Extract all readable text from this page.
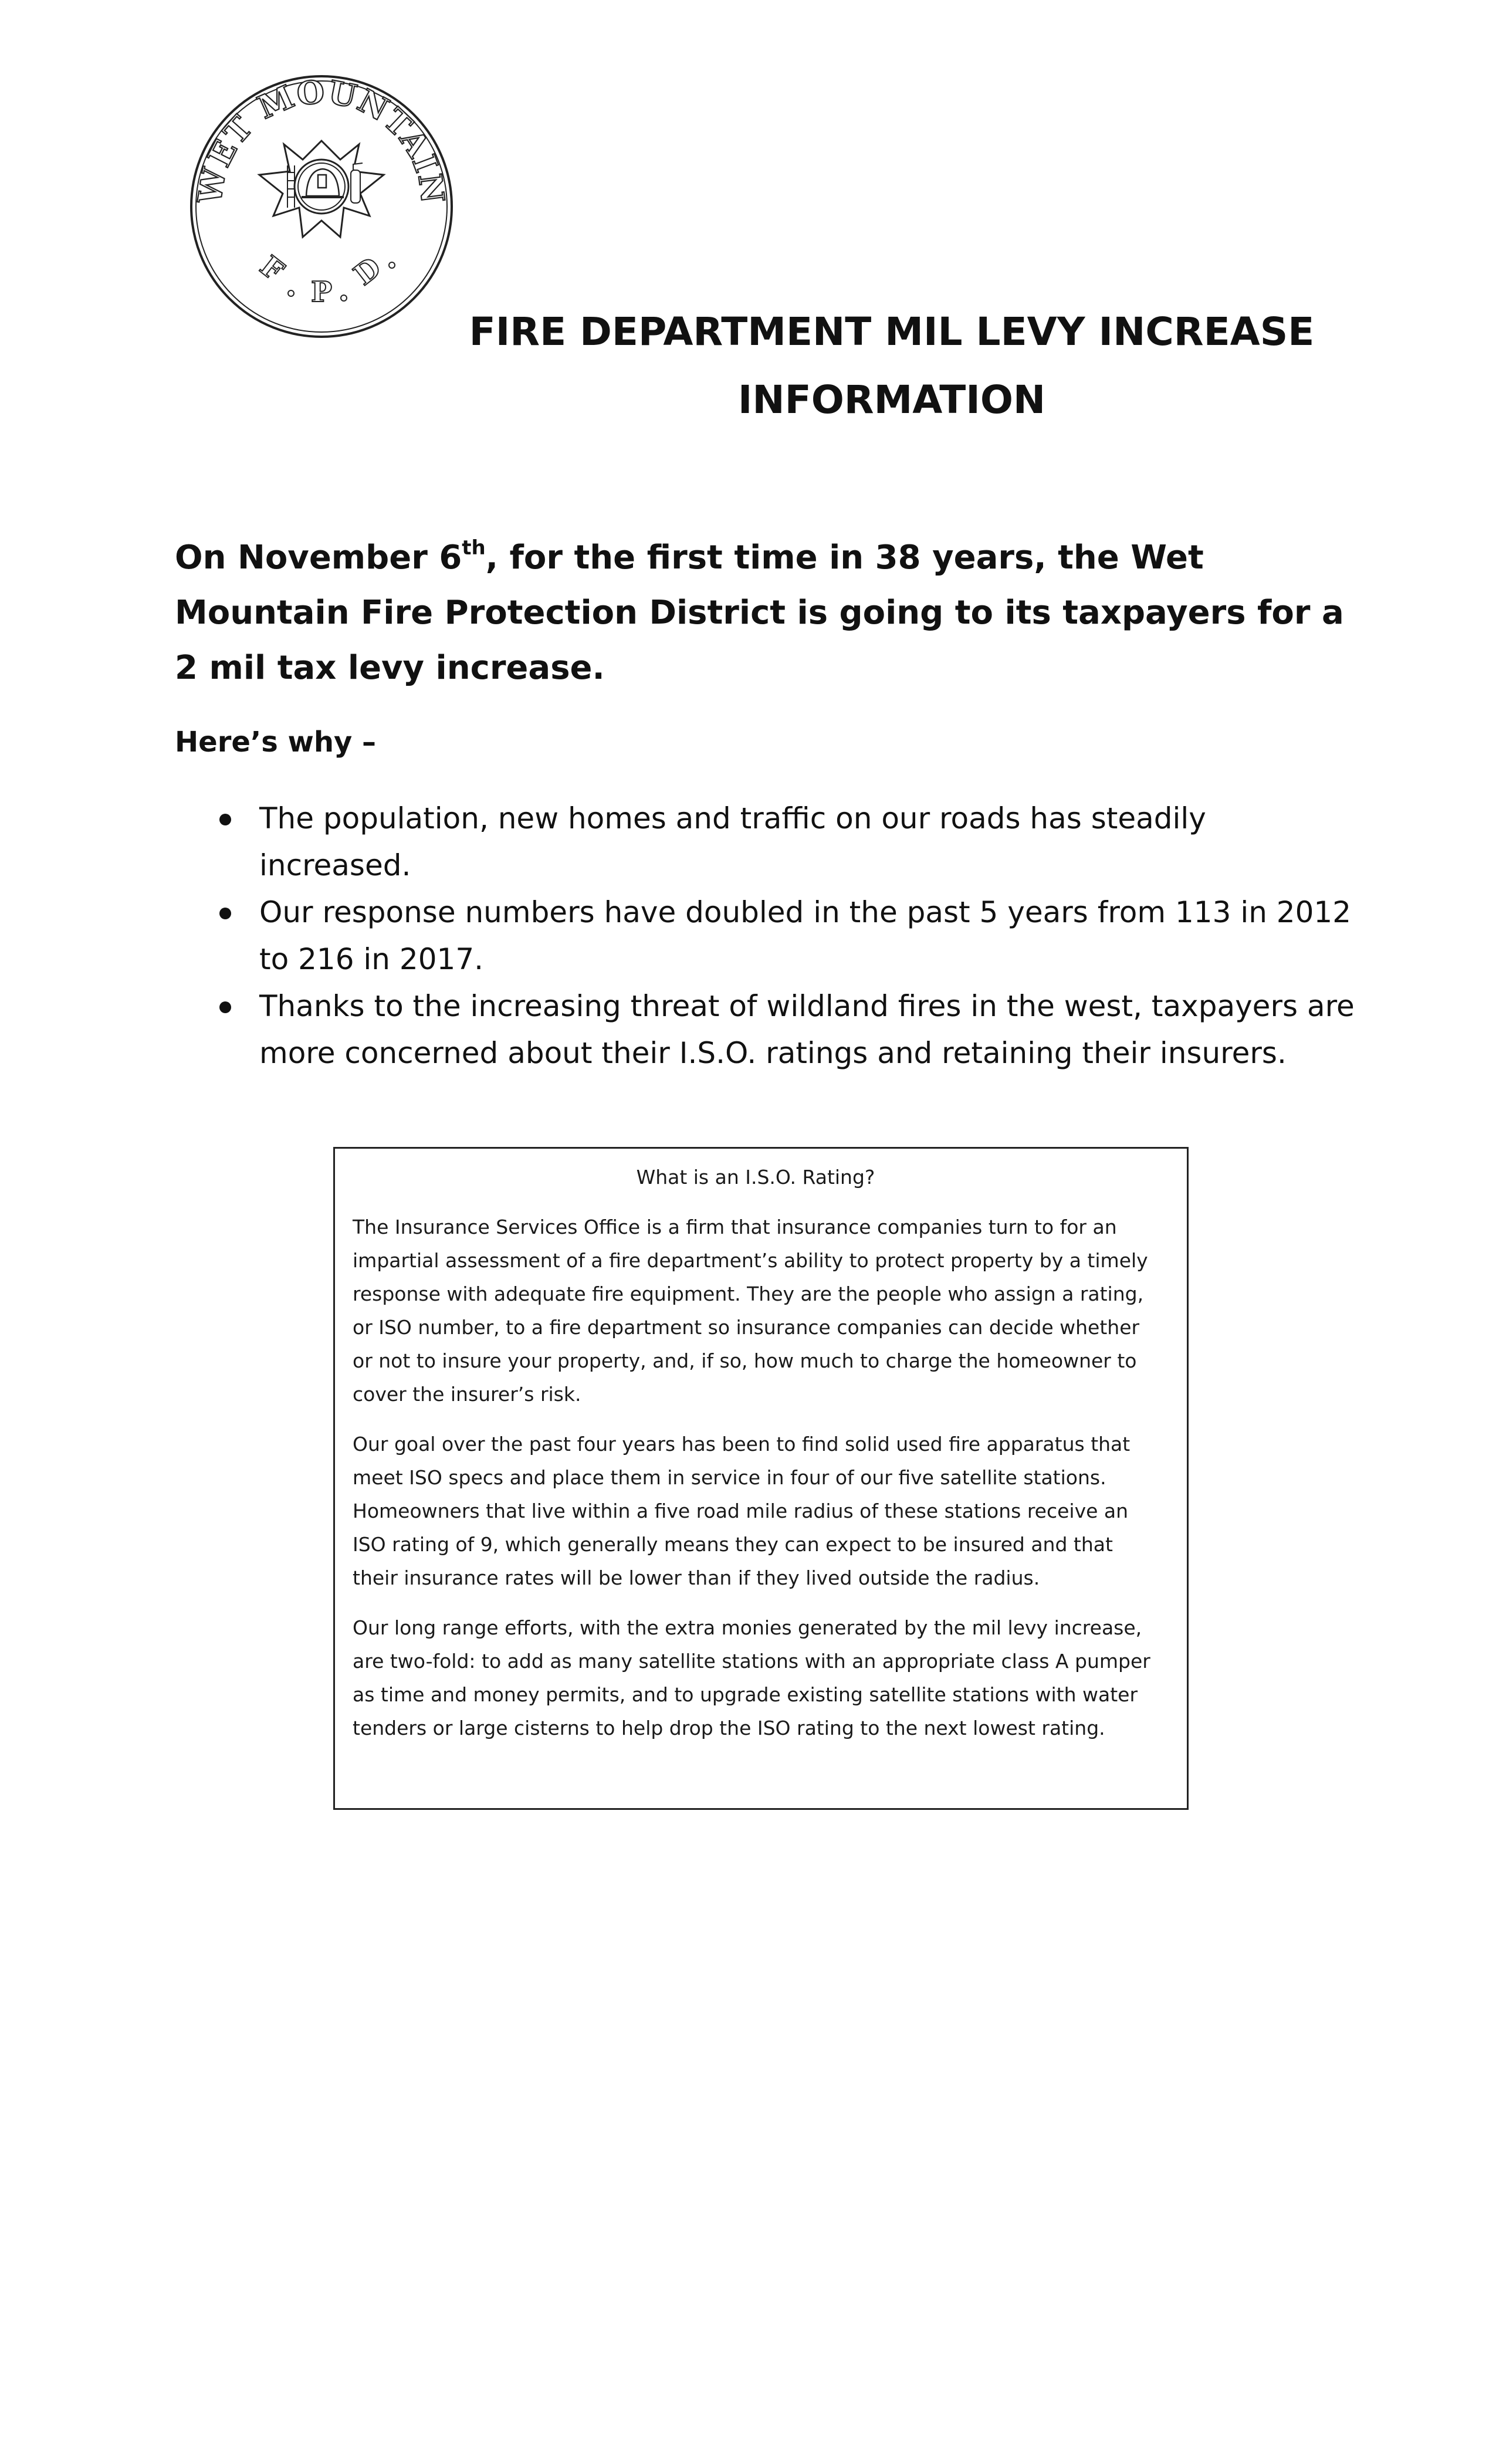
WET MOUNTAIN
F
P
D
F. P. D.	FIRE DEPARTMENT MIL LEVY INCREASE
INFORMATION

On November 6th, for the first time in 38 years, the Wet Mountain Fire Protection District is going to its taxpayers for a 2 mil tax levy increase.

Here’s why –

The population, new homes and traffic on our roads has steadily increased.
Our response numbers have doubled in the past 5 years from 113 in 2012 to 216 in 2017.
Thanks to the increasing threat of wildland fires in the west, taxpayers are more concerned about their I.S.O. ratings and retaining their insurers.
What is an I.S.O. Rating?

The Insurance Services Office is a firm that insurance companies turn to for an impartial assessment of a fire department’s ability to protect property by a timely response with adequate fire equipment. They are the people who assign a rating, or ISO number, to a fire department so insurance companies can decide whether or not to insure your property, and, if so, how much to charge the homeowner to cover the insurer’s risk.

Our goal over the past four years has been to find solid used fire apparatus that meet ISO specs and place them in service in four of our five satellite stations. Homeowners that live within a five road mile radius of these stations receive an ISO rating of 9, which generally means they can expect to be insured and that their insurance rates will be lower than if they lived outside the radius.

Our long range efforts, with the extra monies generated by the mil levy increase, are two-fold: to add as many satellite stations with an appropriate class A pumper as time and money permits, and to upgrade existing satellite stations with water tenders or large cisterns to help drop the ISO rating to the next lowest rating.
